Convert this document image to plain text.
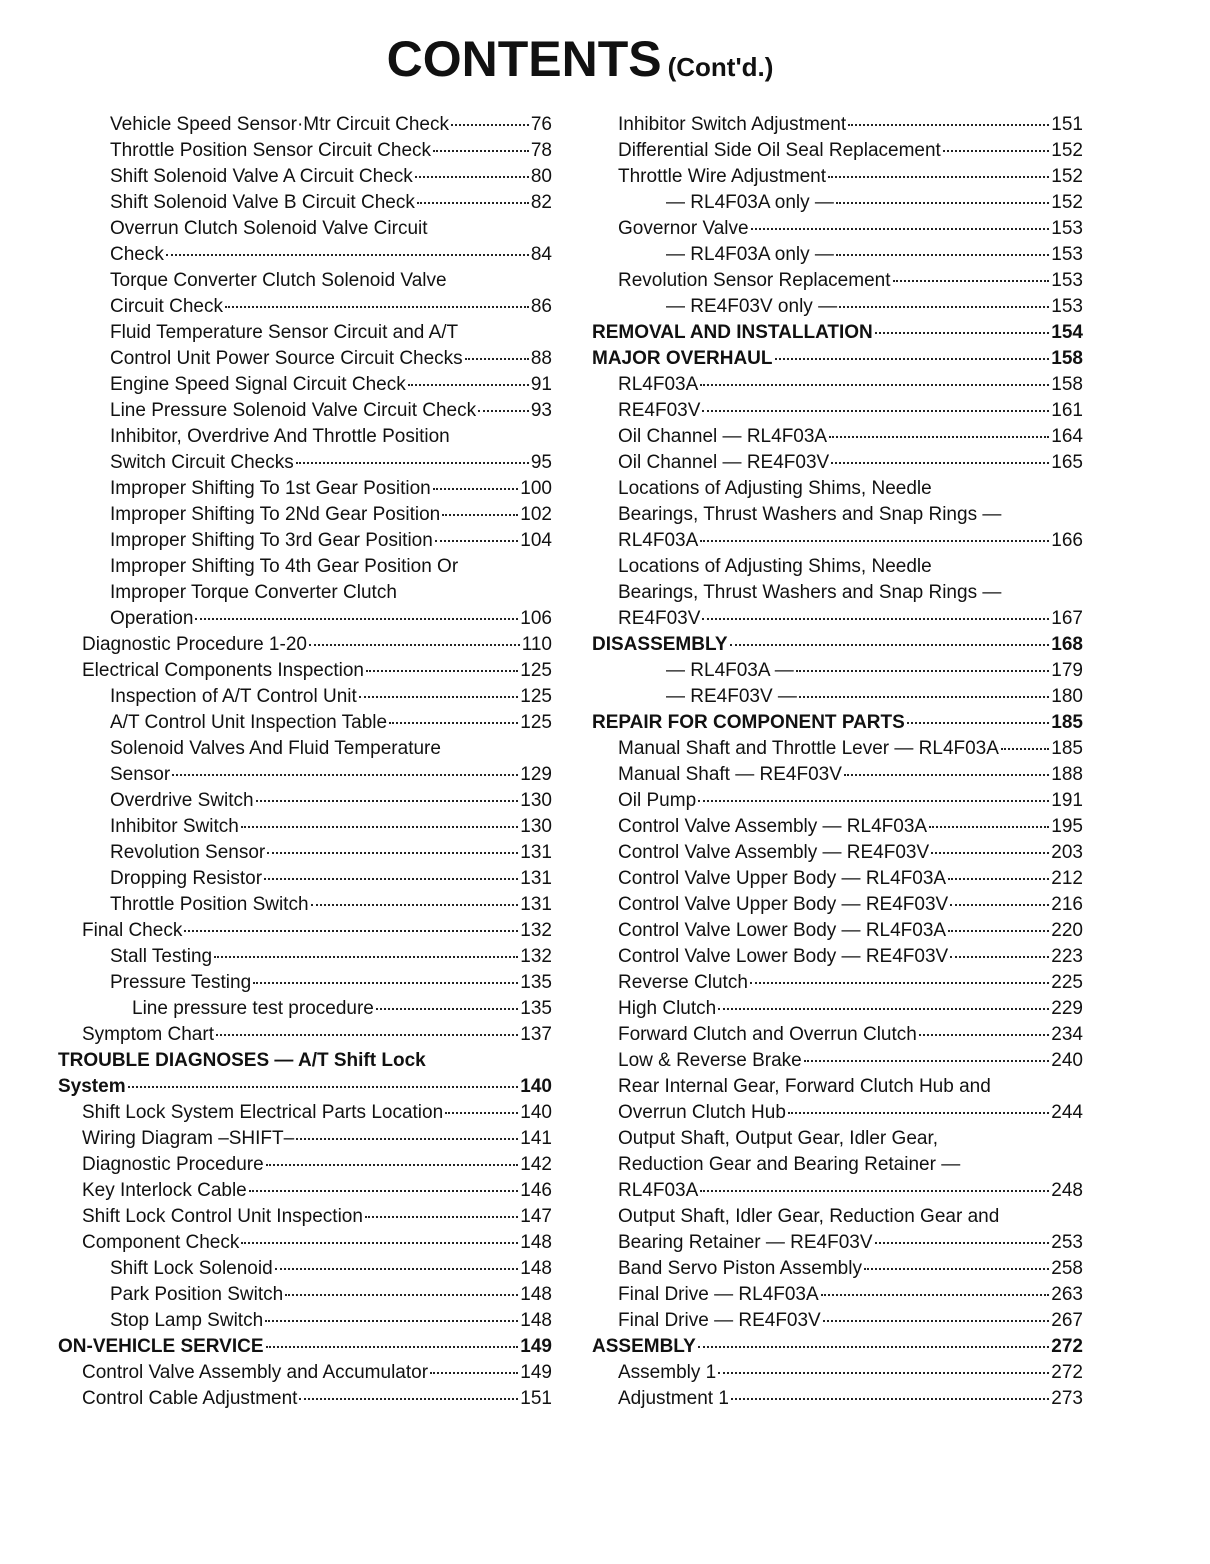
CONTENTS (Cont'd.)
Vehicle Speed Sensor·Mtr Circuit Check	76
Throttle Position Sensor Circuit Check	78
Shift Solenoid Valve A Circuit Check	80
Shift Solenoid Valve B Circuit Check	82
Overrun Clutch Solenoid Valve Circuit
Check	84
Torque Converter Clutch Solenoid Valve
Circuit Check	86
Fluid Temperature Sensor Circuit and A/T
Control Unit Power Source Circuit Checks	88
Engine Speed Signal Circuit Check	91
Line Pressure Solenoid Valve Circuit Check	93
Inhibitor, Overdrive And Throttle Position
Switch Circuit Checks	95
Improper Shifting To 1st Gear Position	100
Improper Shifting To 2Nd Gear Position	102
Improper Shifting To 3rd Gear Position	104
Improper Shifting To 4th Gear Position Or
Improper Torque Converter Clutch
Operation	106
Diagnostic Procedure 1-20	110
Electrical Components Inspection	125
Inspection of A/T Control Unit	125
A/T Control Unit Inspection Table	125
Solenoid Valves And Fluid Temperature
Sensor	129
Overdrive Switch	130
Inhibitor Switch	130
Revolution Sensor	131
Dropping Resistor	131
Throttle Position Switch	131
Final Check	132
Stall Testing	132
Pressure Testing	135
Line pressure test procedure	135
Symptom Chart	137
TROUBLE DIAGNOSES — A/T Shift Lock
System	140
Shift Lock System Electrical Parts Location	140
Wiring Diagram –SHIFT–	141
Diagnostic Procedure	142
Key Interlock Cable	146
Shift Lock Control Unit Inspection	147
Component Check	148
Shift Lock Solenoid	148
Park Position Switch	148
Stop Lamp Switch	148
ON-VEHICLE SERVICE	149
Control Valve Assembly and Accumulator	149
Control Cable Adjustment	151
Inhibitor Switch Adjustment	151
Differential Side Oil Seal Replacement	152
Throttle Wire Adjustment	152
— RL4F03A only —	152
Governor Valve	153
— RL4F03A only —	153
Revolution Sensor Replacement	153
— RE4F03V only —	153
REMOVAL AND INSTALLATION	154
MAJOR OVERHAUL	158
RL4F03A	158
RE4F03V	161
Oil Channel — RL4F03A	164
Oil Channel — RE4F03V	165
Locations of Adjusting Shims, Needle
Bearings, Thrust Washers and Snap Rings —
RL4F03A	166
Locations of Adjusting Shims, Needle
Bearings, Thrust Washers and Snap Rings —
RE4F03V	167
DISASSEMBLY	168
— RL4F03A —	179
— RE4F03V —	180
REPAIR FOR COMPONENT PARTS	185
Manual Shaft and Throttle Lever — RL4F03A	185
Manual Shaft — RE4F03V	188
Oil Pump	191
Control Valve Assembly — RL4F03A	195
Control Valve Assembly — RE4F03V	203
Control Valve Upper Body — RL4F03A	212
Control Valve Upper Body — RE4F03V	216
Control Valve Lower Body — RL4F03A	220
Control Valve Lower Body — RE4F03V	223
Reverse Clutch	225
High Clutch	229
Forward Clutch and Overrun Clutch	234
Low & Reverse Brake	240
Rear Internal Gear, Forward Clutch Hub and
Overrun Clutch Hub	244
Output Shaft, Output Gear, Idler Gear,
Reduction Gear and Bearing Retainer —
RL4F03A	248
Output Shaft, Idler Gear, Reduction Gear and
Bearing Retainer — RE4F03V	253
Band Servo Piston Assembly	258
Final Drive — RL4F03A	263
Final Drive — RE4F03V	267
ASSEMBLY	272
Assembly 1	272
Adjustment 1	273
